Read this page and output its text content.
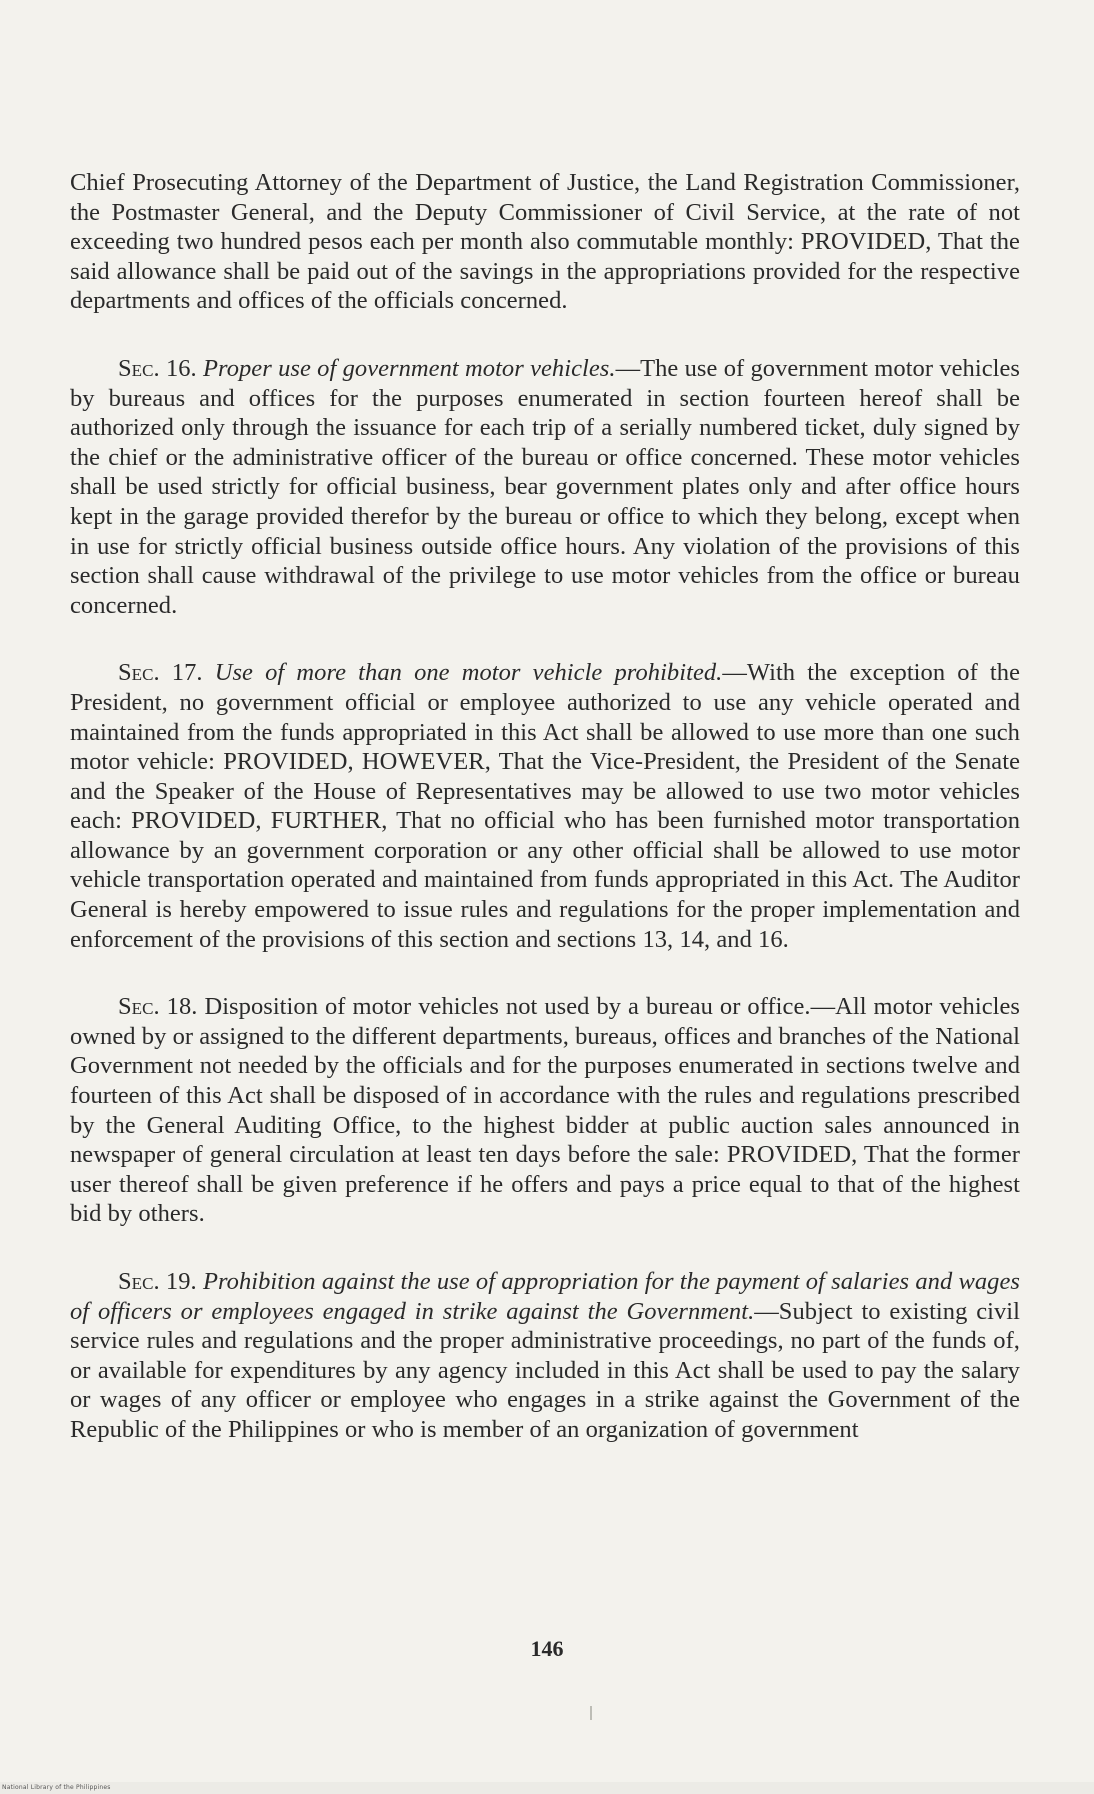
Chief Prosecuting Attorney of the Department of Justice, the Land Registration Commissioner, the Postmaster General, and the Deputy Commissioner of Civil Service, at the rate of not exceeding two hundred pesos each per month also commutable monthly: PROVIDED, That the said allowance shall be paid out of the savings in the appropriations provided for the respective departments and offices of the officials concerned.

Sec. 16. Proper use of government motor vehicles.—The use of government motor vehicles by bureaus and offices for the purposes enumerated in section fourteen hereof shall be authorized only through the issuance for each trip of a serially numbered ticket, duly signed by the chief or the administrative officer of the bureau or office concerned. These motor vehicles shall be used strictly for official business, bear government plates only and after office hours kept in the garage provided therefor by the bureau or office to which they belong, except when in use for strictly official business outside office hours. Any violation of the provisions of this section shall cause withdrawal of the privilege to use motor vehicles from the office or bureau concerned.

Sec. 17. Use of more than one motor vehicle prohibited.—With the exception of the President, no government official or employee authorized to use any vehicle operated and maintained from the funds appropriated in this Act shall be allowed to use more than one such motor vehicle: PROVIDED, HOWEVER, That the Vice-President, the President of the Senate and the Speaker of the House of Representatives may be allowed to use two motor vehicles each: PROVIDED, FURTHER, That no official who has been furnished motor transportation allowance by an government corporation or any other official shall be allowed to use motor vehicle transportation operated and maintained from funds appropriated in this Act. The Auditor General is hereby empowered to issue rules and regulations for the proper implementation and enforcement of the provisions of this section and sections 13, 14, and 16.

Sec. 18. Disposition of motor vehicles not used by a bureau or office.—All motor vehicles owned by or assigned to the different departments, bureaus, offices and branches of the National Government not needed by the officials and for the purposes enumerated in sections twelve and fourteen of this Act shall be disposed of in accordance with the rules and regulations prescribed by the General Auditing Office, to the highest bidder at public auction sales announced in newspaper of general circulation at least ten days before the sale: PROVIDED, That the former user thereof shall be given preference if he offers and pays a price equal to that of the highest bid by others.

Sec. 19. Prohibition against the use of appropriation for the payment of salaries and wages of officers or employees engaged in strike against the Government.—Subject to existing civil service rules and regulations and the proper administrative proceedings, no part of the funds of, or available for expenditures by any agency included in this Act shall be used to pay the salary or wages of any officer or employee who engages in a strike against the Government of the Republic of the Philippines or who is member of an organization of government

146
National Library of the Philippines
